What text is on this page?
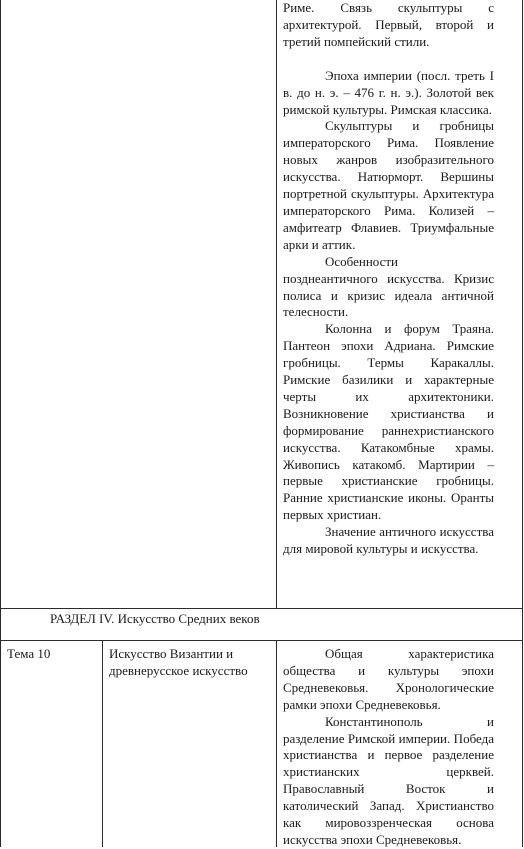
Риме. Связь скульптуры с архитектурой. Первый, второй и третий помпейский стили.

Эпоха империи (посл. треть I в. до н. э. – 476 г. н. э.). Золотой век римской культуры. Римская классика.

Скульптуры и гробницы императорского Рима. Появление новых жанров изобразительного искусства. Натюрморт. Вершины портретной скульптуры. Архитектура императорского Рима. Колизей – амфитеатр Флавиев. Триумфальные арки и аттик.

Особенности позднеантичного искусства. Кризис полиса и кризис идеала античной телесности.

Колонна и форум Траяна. Пантеон эпохи Адриана. Римские гробницы. Термы Каракаллы. Римские базилики и характерные черты их архитектоники. Возникновение христианства и формирование раннехристианского искусства. Катакомбные храмы. Живопись катакомб. Мартирии – первые христианские гробницы. Ранние христианские иконы. Оранты первых христиан.

Значение античного искусства для мировой культуры и искусства.

РАЗДЕЛ IV. Искусство Средних веков
Тема 10	Искусство Византии и древнерусское искусство

Общая характеристика общества и культуры эпохи Средневековья. Хронологические рамки эпохи Средневековья.

Константинополь и разделение Римской империи. Победа христианства и первое разделение христианских церквей. Православный Восток и католический Запад. Христианство как мировоззренческая основа искусства эпохи Средневековья.
